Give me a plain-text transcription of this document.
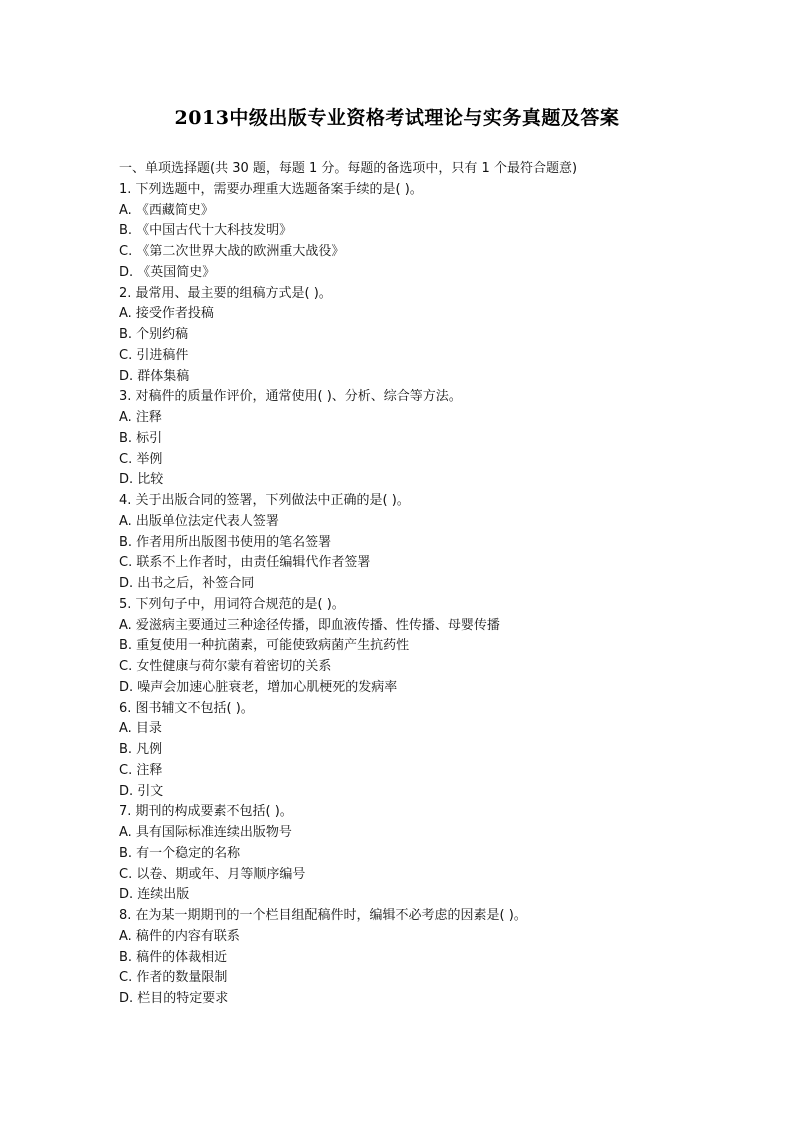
2013中级出版专业资格考试理论与实务真题及答案
一、单项选择题(共 30 题，每题 1 分。每题的备选项中，只有 1 个最符合题意)
1. 下列选题中，需要办理重大选题备案手续的是( )。
A. 《西藏简史》
B. 《中国古代十大科技发明》
C. 《第二次世界大战的欧洲重大战役》
D. 《英国简史》
2. 最常用、最主要的组稿方式是( )。
A. 接受作者投稿
B. 个别约稿
C. 引进稿件
D. 群体集稿
3. 对稿件的质量作评价，通常使用( )、分析、综合等方法。
A. 注释
B. 标引
C. 举例
D. 比较
4. 关于出版合同的签署，下列做法中正确的是( )。
A. 出版单位法定代表人签署
B. 作者用所出版图书使用的笔名签署
C. 联系不上作者时，由责任编辑代作者签署
D. 出书之后，补签合同
5. 下列句子中，用词符合规范的是( )。
A. 爱滋病主要通过三种途径传播，即血液传播、性传播、母婴传播
B. 重复使用一种抗菌素，可能使致病菌产生抗药性
C. 女性健康与荷尔蒙有着密切的关系
D. 噪声会加速心脏衰老，增加心肌梗死的发病率
6. 图书辅文不包括( )。
A. 目录
B. 凡例
C. 注释
D. 引文
7. 期刊的构成要素不包括( )。
A. 具有国际标准连续出版物号
B. 有一个稳定的名称
C. 以卷、期或年、月等顺序编号
D. 连续出版
8. 在为某一期期刊的一个栏目组配稿件时，编辑不必考虑的因素是( )。
A. 稿件的内容有联系
B. 稿件的体裁相近
C. 作者的数量限制
D. 栏目的特定要求
